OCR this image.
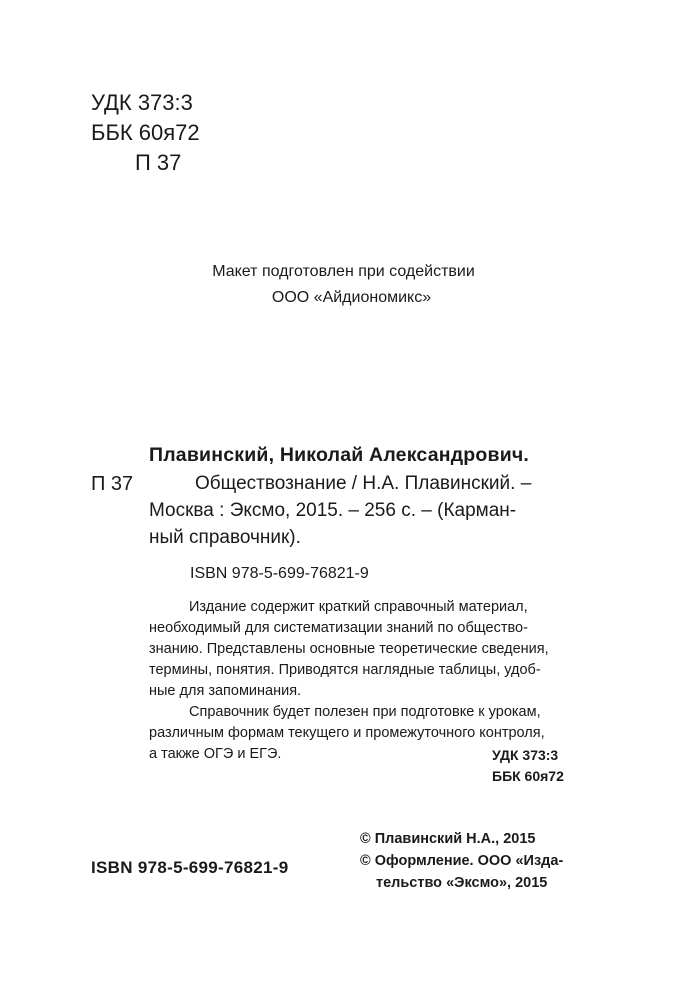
УДК 373:3
ББК 60я72
П 37
Макет подготовлен при содействии
ООО «Айдиономикс»
Плавинский, Николай Александрович.
П 37	Обществознание / Н.А. Плавинский. –
Москва : Эксмо, 2015. – 256 с. – (Карман-
ный справочник).
ISBN 978-5-699-76821-9
Издание содержит краткий справочный материал,
необходимый для систематизации знаний по общество-
знанию. Представлены основные теоретические сведения,
термины, понятия. Приводятся наглядные таблицы, удоб-
ные для запоминания.
Справочник будет полезен при подготовке к урокам,
различным формам текущего и промежуточного контроля,
а также ОГЭ и ЕГЭ.	УДК 373:3
ББК 60я72
© Плавинский Н.А., 2015
© Оформление. ООО «Изда-
тельство «Эксмо», 2015
ISBN 978-5-699-76821-9
